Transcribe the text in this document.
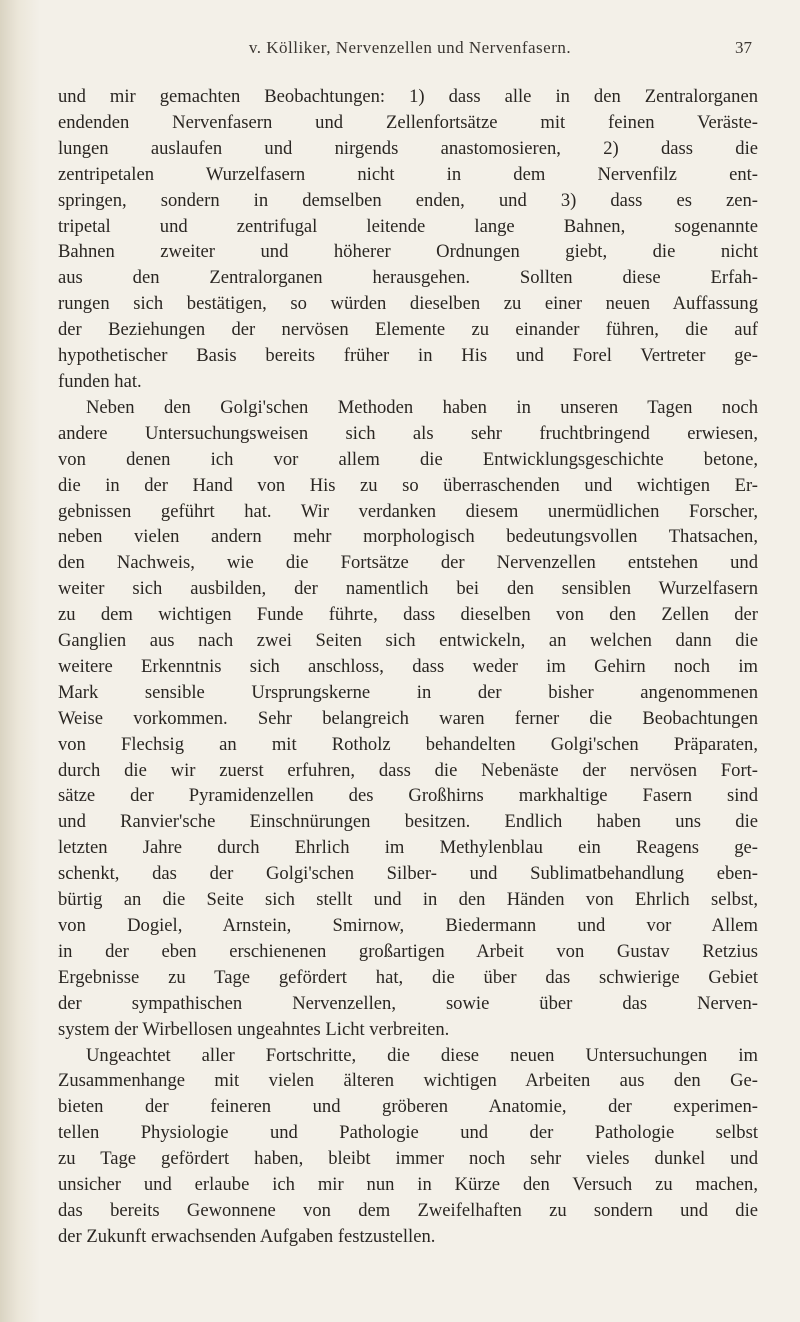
v. Kölliker, Nervenzellen und Nervenfasern.	37
und mir gemachten Beobachtungen: 1) dass alle in den Zentralorganen
endenden Nervenfasern und Zellenfortsätze mit feinen Veräste-
lungen auslaufen und nirgends anastomosieren, 2) dass die
zentripetalen Wurzelfasern nicht in dem Nervenfilz ent-
springen, sondern in demselben enden, und 3) dass es zen-
tripetal und zentrifugal leitende lange Bahnen, sogenannte
Bahnen zweiter und höherer Ordnungen giebt, die nicht
aus den Zentralorganen herausgehen. Sollten diese Erfah-
rungen sich bestätigen, so würden dieselben zu einer neuen Auffassung
der Beziehungen der nervösen Elemente zu einander führen, die auf
hypothetischer Basis bereits früher in His und Forel Vertreter ge-
funden hat.
Neben den Golgi'schen Methoden haben in unseren Tagen noch
andere Untersuchungsweisen sich als sehr fruchtbringend erwiesen,
von denen ich vor allem die Entwicklungsgeschichte betone,
die in der Hand von His zu so überraschenden und wichtigen Er-
gebnissen geführt hat. Wir verdanken diesem unermüdlichen Forscher,
neben vielen andern mehr morphologisch bedeutungsvollen Thatsachen,
den Nachweis, wie die Fortsätze der Nervenzellen entstehen und
weiter sich ausbilden, der namentlich bei den sensiblen Wurzelfasern
zu dem wichtigen Funde führte, dass dieselben von den Zellen der
Ganglien aus nach zwei Seiten sich entwickeln, an welchen dann die
weitere Erkenntnis sich anschloss, dass weder im Gehirn noch im
Mark sensible Ursprungskerne in der bisher angenommenen
Weise vorkommen. Sehr belangreich waren ferner die Beobachtungen
von Flechsig an mit Rotholz behandelten Golgi'schen Präparaten,
durch die wir zuerst erfuhren, dass die Nebenäste der nervösen Fort-
sätze der Pyramidenzellen des Großhirns markhaltige Fasern sind
und Ranvier'sche Einschnürungen besitzen. Endlich haben uns die
letzten Jahre durch Ehrlich im Methylenblau ein Reagens ge-
schenkt, das der Golgi'schen Silber- und Sublimatbehandlung eben-
bürtig an die Seite sich stellt und in den Händen von Ehrlich selbst,
von Dogiel, Arnstein, Smirnow, Biedermann und vor Allem
in der eben erschienenen großartigen Arbeit von Gustav Retzius
Ergebnisse zu Tage gefördert hat, die über das schwierige Gebiet
der sympathischen Nervenzellen, sowie über das Nerven-
system der Wirbellosen ungeahntes Licht verbreiten.
Ungeachtet aller Fortschritte, die diese neuen Untersuchungen im
Zusammenhange mit vielen älteren wichtigen Arbeiten aus den Ge-
bieten der feineren und gröberen Anatomie, der experimen-
tellen Physiologie und Pathologie und der Pathologie selbst
zu Tage gefördert haben, bleibt immer noch sehr vieles dunkel und
unsicher und erlaube ich mir nun in Kürze den Versuch zu machen,
das bereits Gewonnene von dem Zweifelhaften zu sondern und die
der Zukunft erwachsenden Aufgaben festzustellen.
